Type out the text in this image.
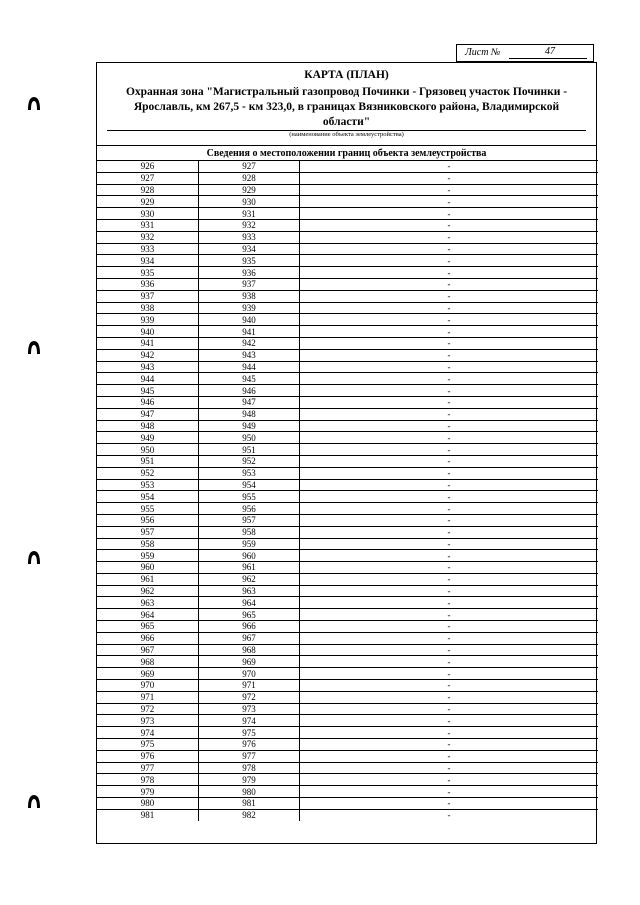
Лист №	47
КАРТА (ПЛАН)
Охранная зона "Магистральный газопровод Починки - Грязовец участок Починки - Ярославль, км 267,5 - км 323,0, в границах Вязниковского района, Владимирской области"
(наименование объекта землеустройства)
Сведения о местоположении границ объекта землеустройства
926	927	-
927	928	-
928	929	-
929	930	-
930	931	-
931	932	-
932	933	-
933	934	-
934	935	-
935	936	-
936	937	-
937	938	-
938	939	-
939	940	-
940	941	-
941	942	-
942	943	-
943	944	-
944	945	-
945	946	-
946	947	-
947	948	-
948	949	-
949	950	-
950	951	-
951	952	-
952	953	-
953	954	-
954	955	-
955	956	-
956	957	-
957	958	-
958	959	-
959	960	-
960	961	-
961	962	-
962	963	-
963	964	-
964	965	-
965	966	-
966	967	-
967	968	-
968	969	-
969	970	-
970	971	-
971	972	-
972	973	-
973	974	-
974	975	-
975	976	-
976	977	-
977	978	-
978	979	-
979	980	-
980	981	-
981	982	-
